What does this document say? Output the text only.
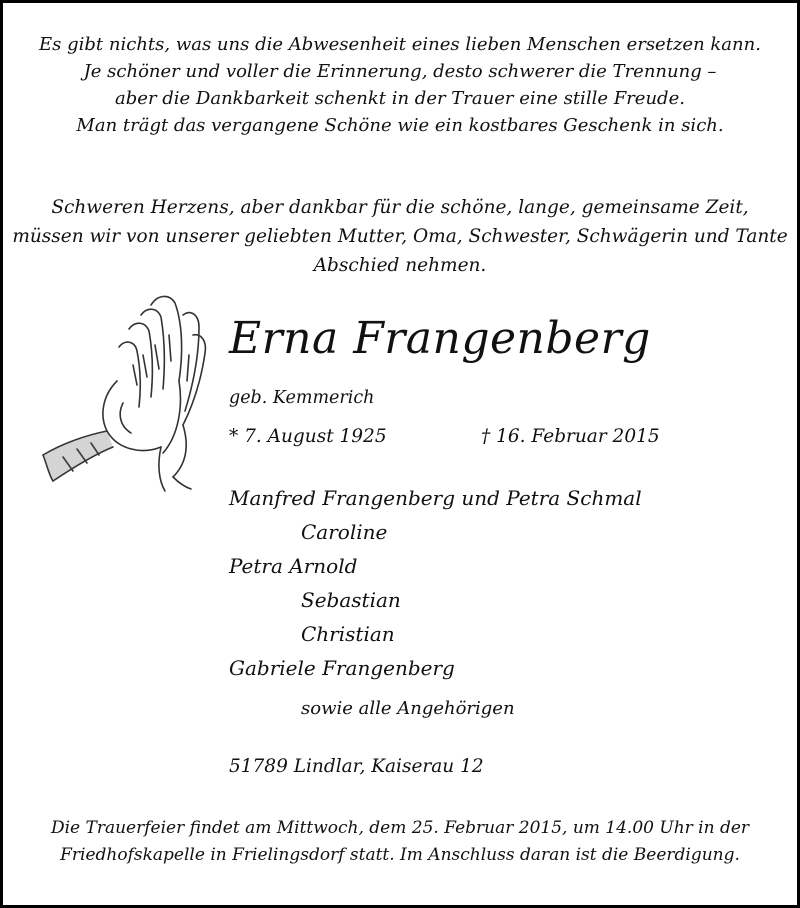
Es gibt nichts, was uns die Abwesenheit eines lieben Menschen ersetzen kann.
Je schöner und voller die Erinnerung, desto schwerer die Trennung –
aber die Dankbarkeit schenkt in der Trauer eine stille Freude.
Man trägt das vergangene Schöne wie ein kostbares Geschenk in sich.
Schweren Herzens, aber dankbar für die schöne, lange, gemeinsame Zeit,
müssen wir von unserer geliebten Mutter, Oma, Schwester, Schwägerin und Tante
Abschied nehmen.
Erna Frangenberg
geb. Kemmerich
* 7. August 1925	† 16. Februar 2015
Manfred Frangenberg und Petra Schmal
Caroline
Petra Arnold
Sebastian
Christian
Gabriele Frangenberg
sowie alle Angehörigen
51789 Lindlar, Kaiserau 12
Die Trauerfeier findet am Mittwoch, dem 25. Februar 2015, um 14.00 Uhr in der
Friedhofskapelle in Frielingsdorf statt. Im Anschluss daran ist die Beerdigung.
